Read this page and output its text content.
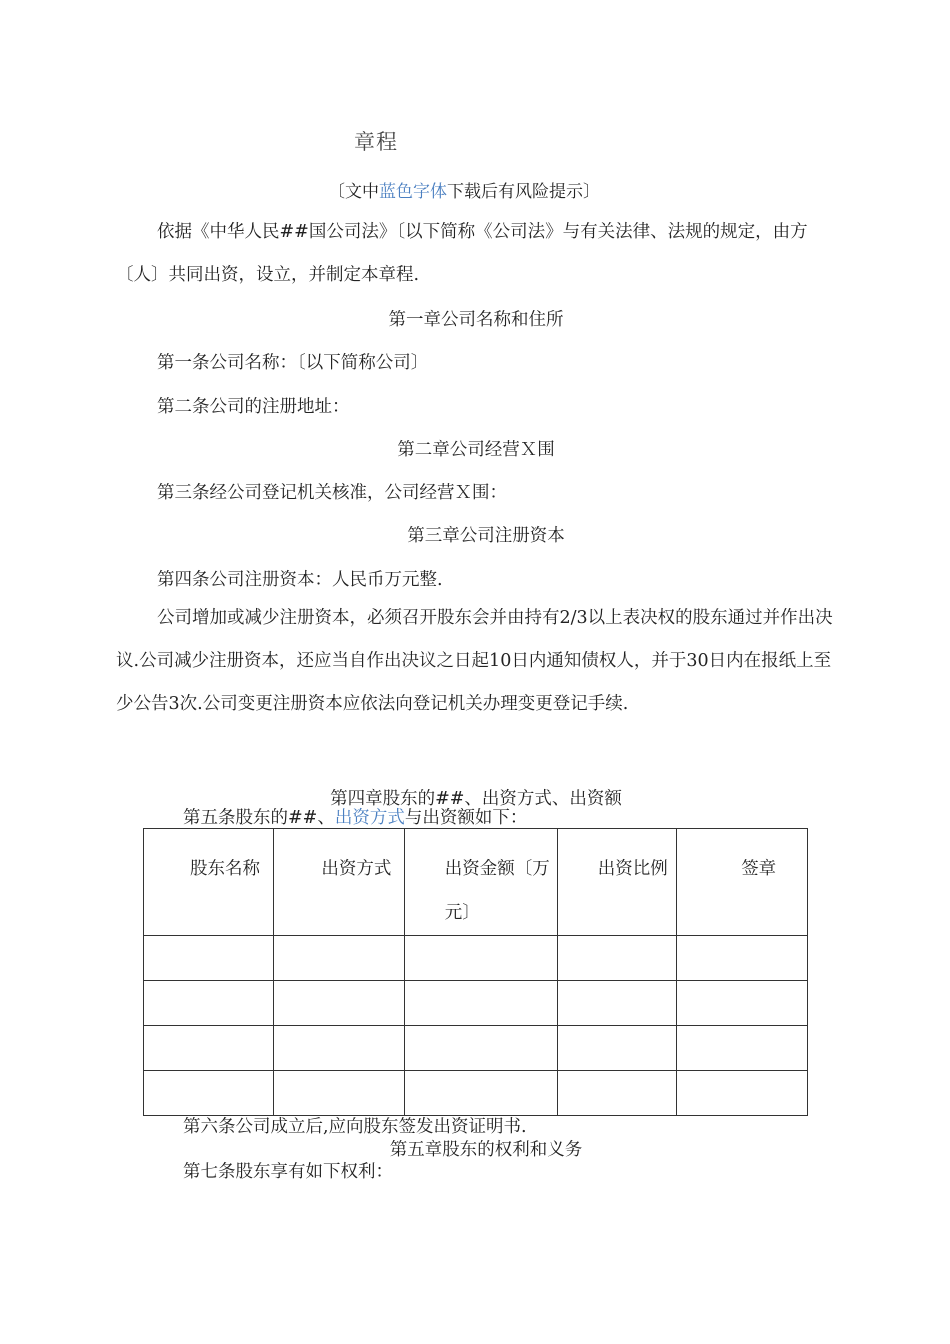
章程
〔文中蓝色字体下载后有风险提示〕
依据《中华人民##国公司法》〔以下简称《公司法》与有关法律、法规的规定，由方〔人〕共同出资，设立，并制定本章程.
第一章公司名称和住所
第一条公司名称：〔以下简称公司〕
第二条公司的注册地址：
第二章公司经营Ｘ围
第三条经公司登记机关核准，公司经营Ｘ围：
第三章公司注册资本
第四条公司注册资本：人民币万元整.
公司增加或减少注册资本，必须召开股东会并由持有2/3以上表决权的股东通过并作出决议.公司减少注册资本，还应当自作出决议之日起10日内通知债权人，并于30日内在报纸上至少公告3次.公司变更注册资本应依法向登记机关办理变更登记手续.
第四章股东的##、出资方式、出资额
第五条股东的##、出资方式与出资额如下：
股东名称	出资方式	出资金额〔万元〕	出资比例	签章

第六条公司成立后,应向股东签发出资证明书.
第五章股东的权利和义务
第七条股东享有如下权利：
